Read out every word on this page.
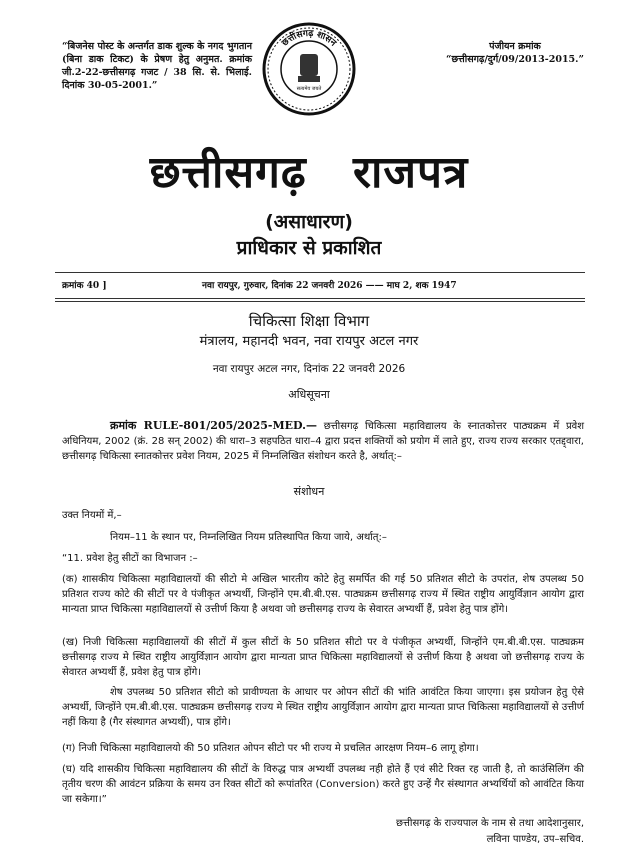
“बिजनेस पोस्ट के अन्तर्गत डाक शुल्क के नगद भुगतान (बिना डाक टिकट) के प्रेषण हेतु अनुमत. क्रमांक जी.2-22-छत्तीसगढ़ गजट / 38 सि. से. भिलाई. दिनांक 30-05-2001.”
छत्तीसगढ़ शासन
सत्यमेव जयते
पंजीयन क्रमांक
“छत्तीसगढ़/दुर्ग/09/2013-2015.”
छत्तीसगढ़ राजपत्र
(असाधारण)
प्राधिकार से प्रकाशित
क्रमांक 40 ]	नवा रायपुर, गुरुवार, दिनांक 22 जनवरी 2026 —— माघ 2, शक 1947
चिकित्सा शिक्षा विभाग
मंत्रालय, महानदी भवन, नवा रायपुर अटल नगर
नवा रायपुर अटल नगर, दिनांक 22 जनवरी 2026
अधिसूचना
क्रमांक RULE-801/205/2025-MED.— छत्तीसगढ़ चिकित्सा महाविद्यालय के स्नातकोत्तर पाठ्यक्रम में प्रवेश अधिनियम, 2002 (क्रं. 28 सन् 2002) की धारा–3 सहपठित धारा–4 द्वारा प्रदत्त शक्तियों को प्रयोग में लाते हुए, राज्य राज्य सरकार एतद्द्वारा, छत्तीसगढ़ चिकित्सा स्नातकोत्तर प्रवेश नियम, 2025 में निम्नलिखित संशोधन करते है, अर्थात्:–
संशोधन
उक्त नियमों में,–
नियम–11 के स्थान पर, निम्नलिखित नियम प्रतिस्थापित किया जाये, अर्थात्:–
“11. प्रवेश हेतु सीटों का विभाजन :–
(क) शासकीय चिकित्सा महाविद्यालयों की सीटो मे अखिल भारतीय कोटे हेतु समर्पित की गई 50 प्रतिशत सीटो के उपरांत, शेष उपलब्ध 50 प्रतिशत राज्य कोटे की सीटों पर वे पंजीकृत अभ्यर्थी, जिन्होंने एम.बी.बी.एस. पाठ्यक्रम छत्तीसगढ़ राज्य में स्थित राष्ट्रीय आयुर्विज्ञान आयोग द्वारा मान्यता प्राप्त चिकित्सा महाविद्यालयों से उत्तीर्ण किया है अथवा जो छत्तीसगढ़ राज्य के सेवारत अभ्यर्थी हैं, प्रवेश हेतु पात्र होंगे।
(ख) निजी चिकित्सा महाविद्यालयों की सीटों में कुल सीटों के 50 प्रतिशत सीटो पर वे पंजीकृत अभ्यर्थी, जिन्होंने एम.बी.बी.एस. पाठ्यक्रम छत्तीसगढ़ राज्य मे स्थित राष्ट्रीय आयुर्विज्ञान आयोग द्वारा मान्यता प्राप्त चिकित्सा महाविद्यालयों से उत्तीर्ण किया है अथवा जो छत्तीसगढ़ राज्य के सेवारत अभ्यर्थी हैं, प्रवेश हेतु पात्र होंगे।
शेष उपलब्ध 50 प्रतिशत सीटो को प्रावीण्यता के आधार पर ओपन सीटों की भांति आवंटित किया जाएगा। इस प्रयोजन हेतु ऐसे अभ्यर्थी, जिन्होंने एम.बी.बी.एस. पाठ्यक्रम छत्तीसगढ़ राज्य मे स्थित राष्ट्रीय आयुर्विज्ञान आयोग द्वारा मान्यता प्राप्त चिकित्सा महाविद्यालयों से उत्तीर्ण नहीं किया है (गैर संस्थागत अभ्यर्थी), पात्र होंगे।
(ग) निजी चिकित्सा महाविद्यालयो की 50 प्रतिशत ओपन सीटो पर भी राज्य मे प्रचलित आरक्षण नियम–6 लागू होगा।
(घ) यदि शासकीय चिकित्सा महाविद्यालय की सीटों के विरुद्ध पात्र अभ्यर्थी उपलब्ध नही होते हैं एवं सीटे रिक्त रह जाती है, तो काउंसिलिंग की तृतीय चरण की आवंटन प्रक्रिया के समय उन रिक्त सीटों को रूपांतरित (Conversion) करते हुए उन्हें गैर संस्थागत अभ्यर्थियों को आवंटित किया जा सकेगा।”
छत्तीसगढ़ के राज्यपाल के नाम से तथा आदेशानुसार,
लविना पाण्डेय, उप–सचिव.
